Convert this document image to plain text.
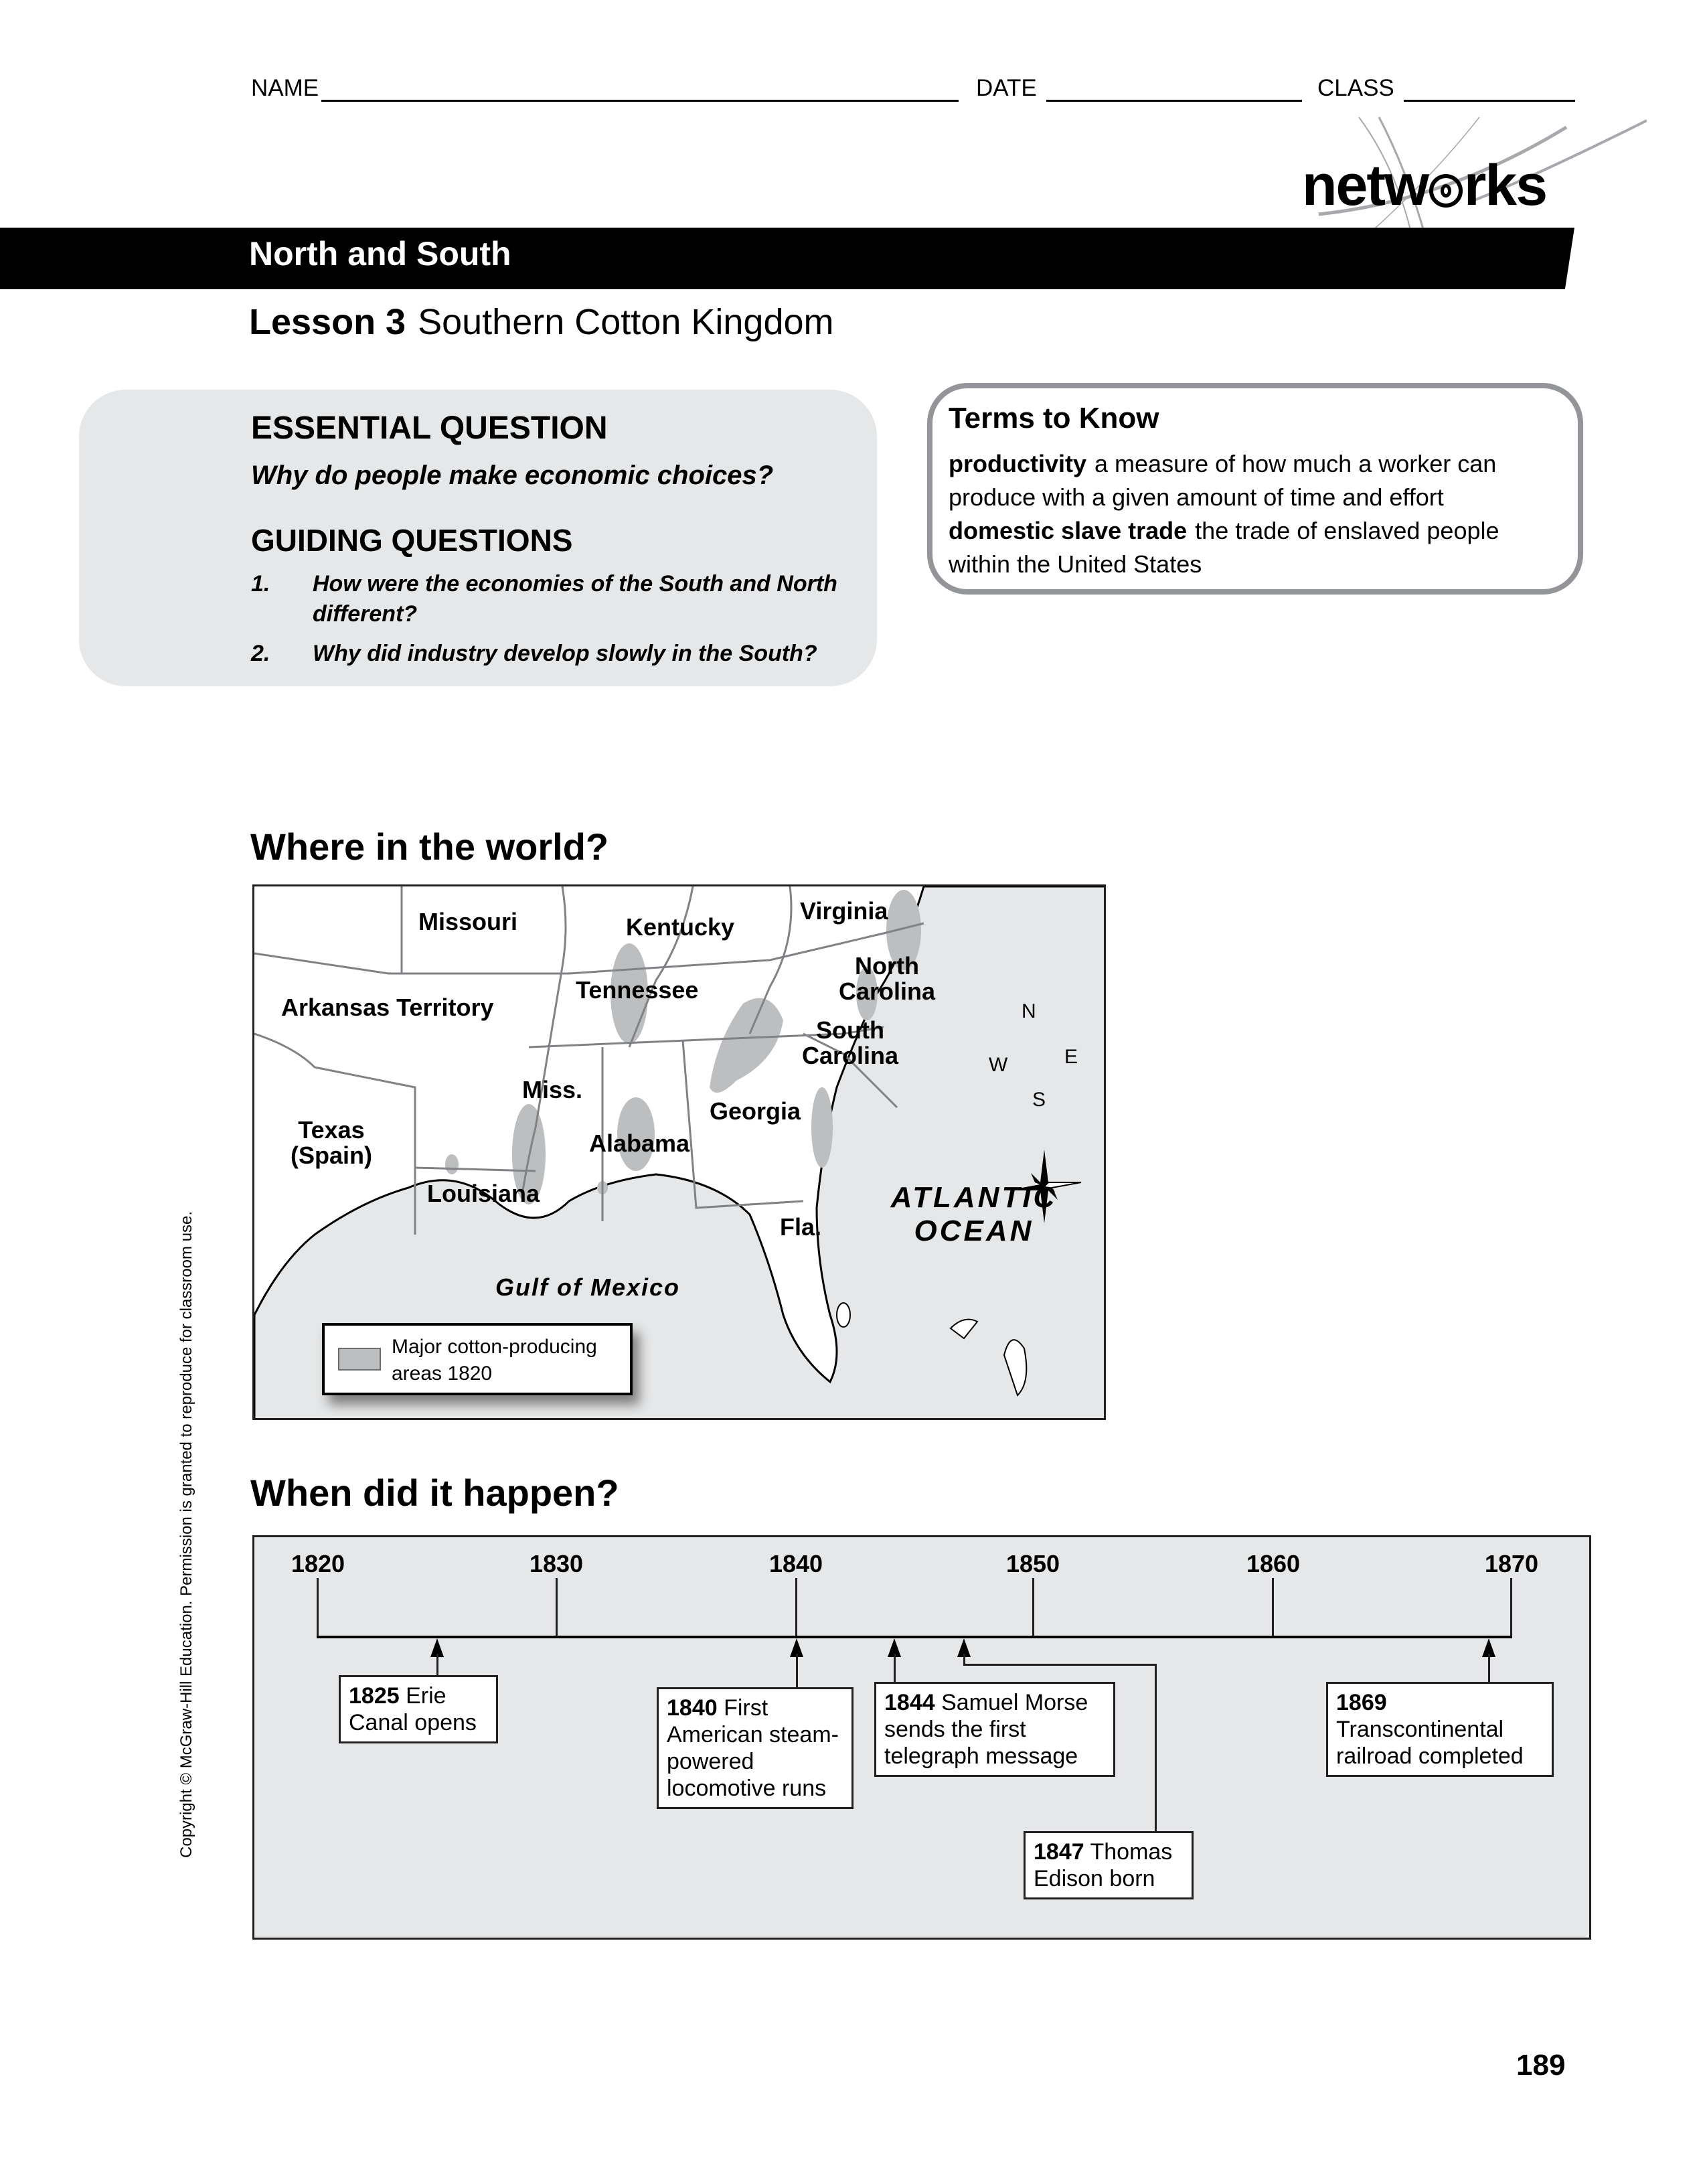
NAME	DATE	CLASS
netw rks
North and South
Lesson 3 Southern Cotton Kingdom
ESSENTIAL QUESTION
Why do people make economic choices?
GUIDING QUESTIONS
1. How were the economies of the South and North different?
2. Why did industry develop slowly in the South?
Terms to Know
productivity a measure of how much a worker can produce with a given amount of time and effort
domestic slave trade the trade of enslaved people within the United States
Where in the world?
Missouri	Kentucky
Virginia
North Carolina
Tennessee
Arkansas Territory
South Carolina
Miss.
Georgia
Alabama
Texas (Spain)
Louisiana
Fla.
ATLANTIC OCEAN
Gulf of Mexico
N
W	E
S
Major cotton-producing areas 1820
When did it happen?
1820	1830	1840	1850	1860	1870
1825 Erie Canal opens
1840 First American steam-powered locomotive runs
1844 Samuel Morse sends the first telegraph message
1847 Thomas Edison born
1869
Transcontinental railroad completed
Copyright © McGraw-Hill Education. Permission is granted to reproduce for classroom use.
189
